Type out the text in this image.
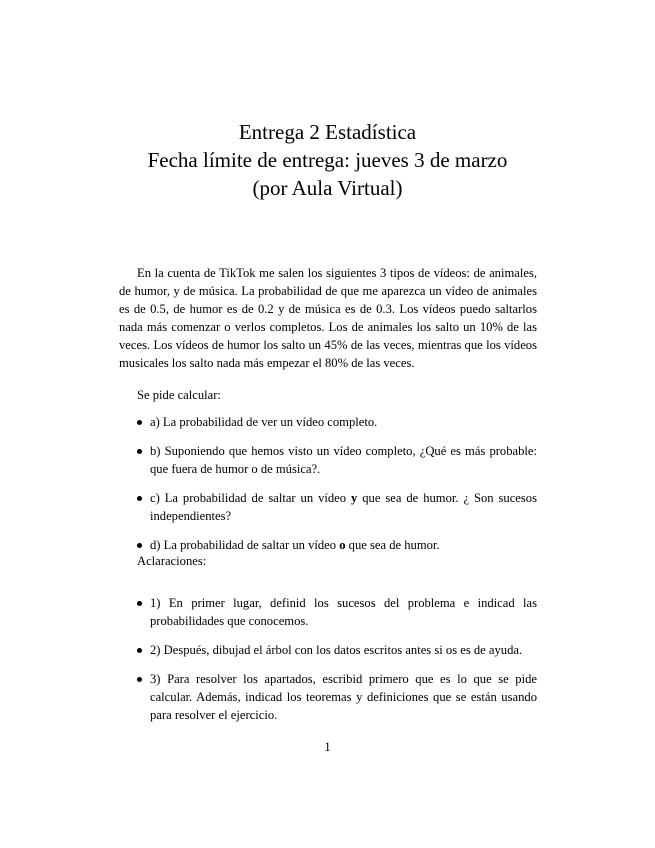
Entrega 2 Estadística
Fecha límite de entrega: jueves 3 de marzo
(por Aula Virtual)
En la cuenta de TikTok me salen los siguientes 3 tipos de vídeos: de animales, de humor, y de música. La probabilidad de que me aparezca un vídeo de animales es de 0.5, de humor es de 0.2 y de música es de 0.3. Los vídeos puedo saltarlos nada más comenzar o verlos completos. Los de animales los salto un 10% de las veces. Los vídeos de humor los salto un 45% de las veces, mientras que los vídeos musicales los salto nada más empezar el 80% de las veces.
Se pide calcular:
a) La probabilidad de ver un vídeo completo.
b) Suponiendo que hemos visto un vídeo completo, ¿Qué es más probable: que fuera de humor o de música?.
c) La probabilidad de saltar un vídeo y que sea de humor. ¿ Son sucesos independientes?
d) La probabilidad de saltar un vídeo o que sea de humor.
Aclaraciones:
1) En primer lugar, definid los sucesos del problema e indicad las probabilidades que conocemos.
2) Después, dibujad el árbol con los datos escritos antes si os es de ayuda.
3) Para resolver los apartados, escribid primero que es lo que se pide calcular. Además, indicad los teoremas y definiciones que se están usando para resolver el ejercicio.
1
